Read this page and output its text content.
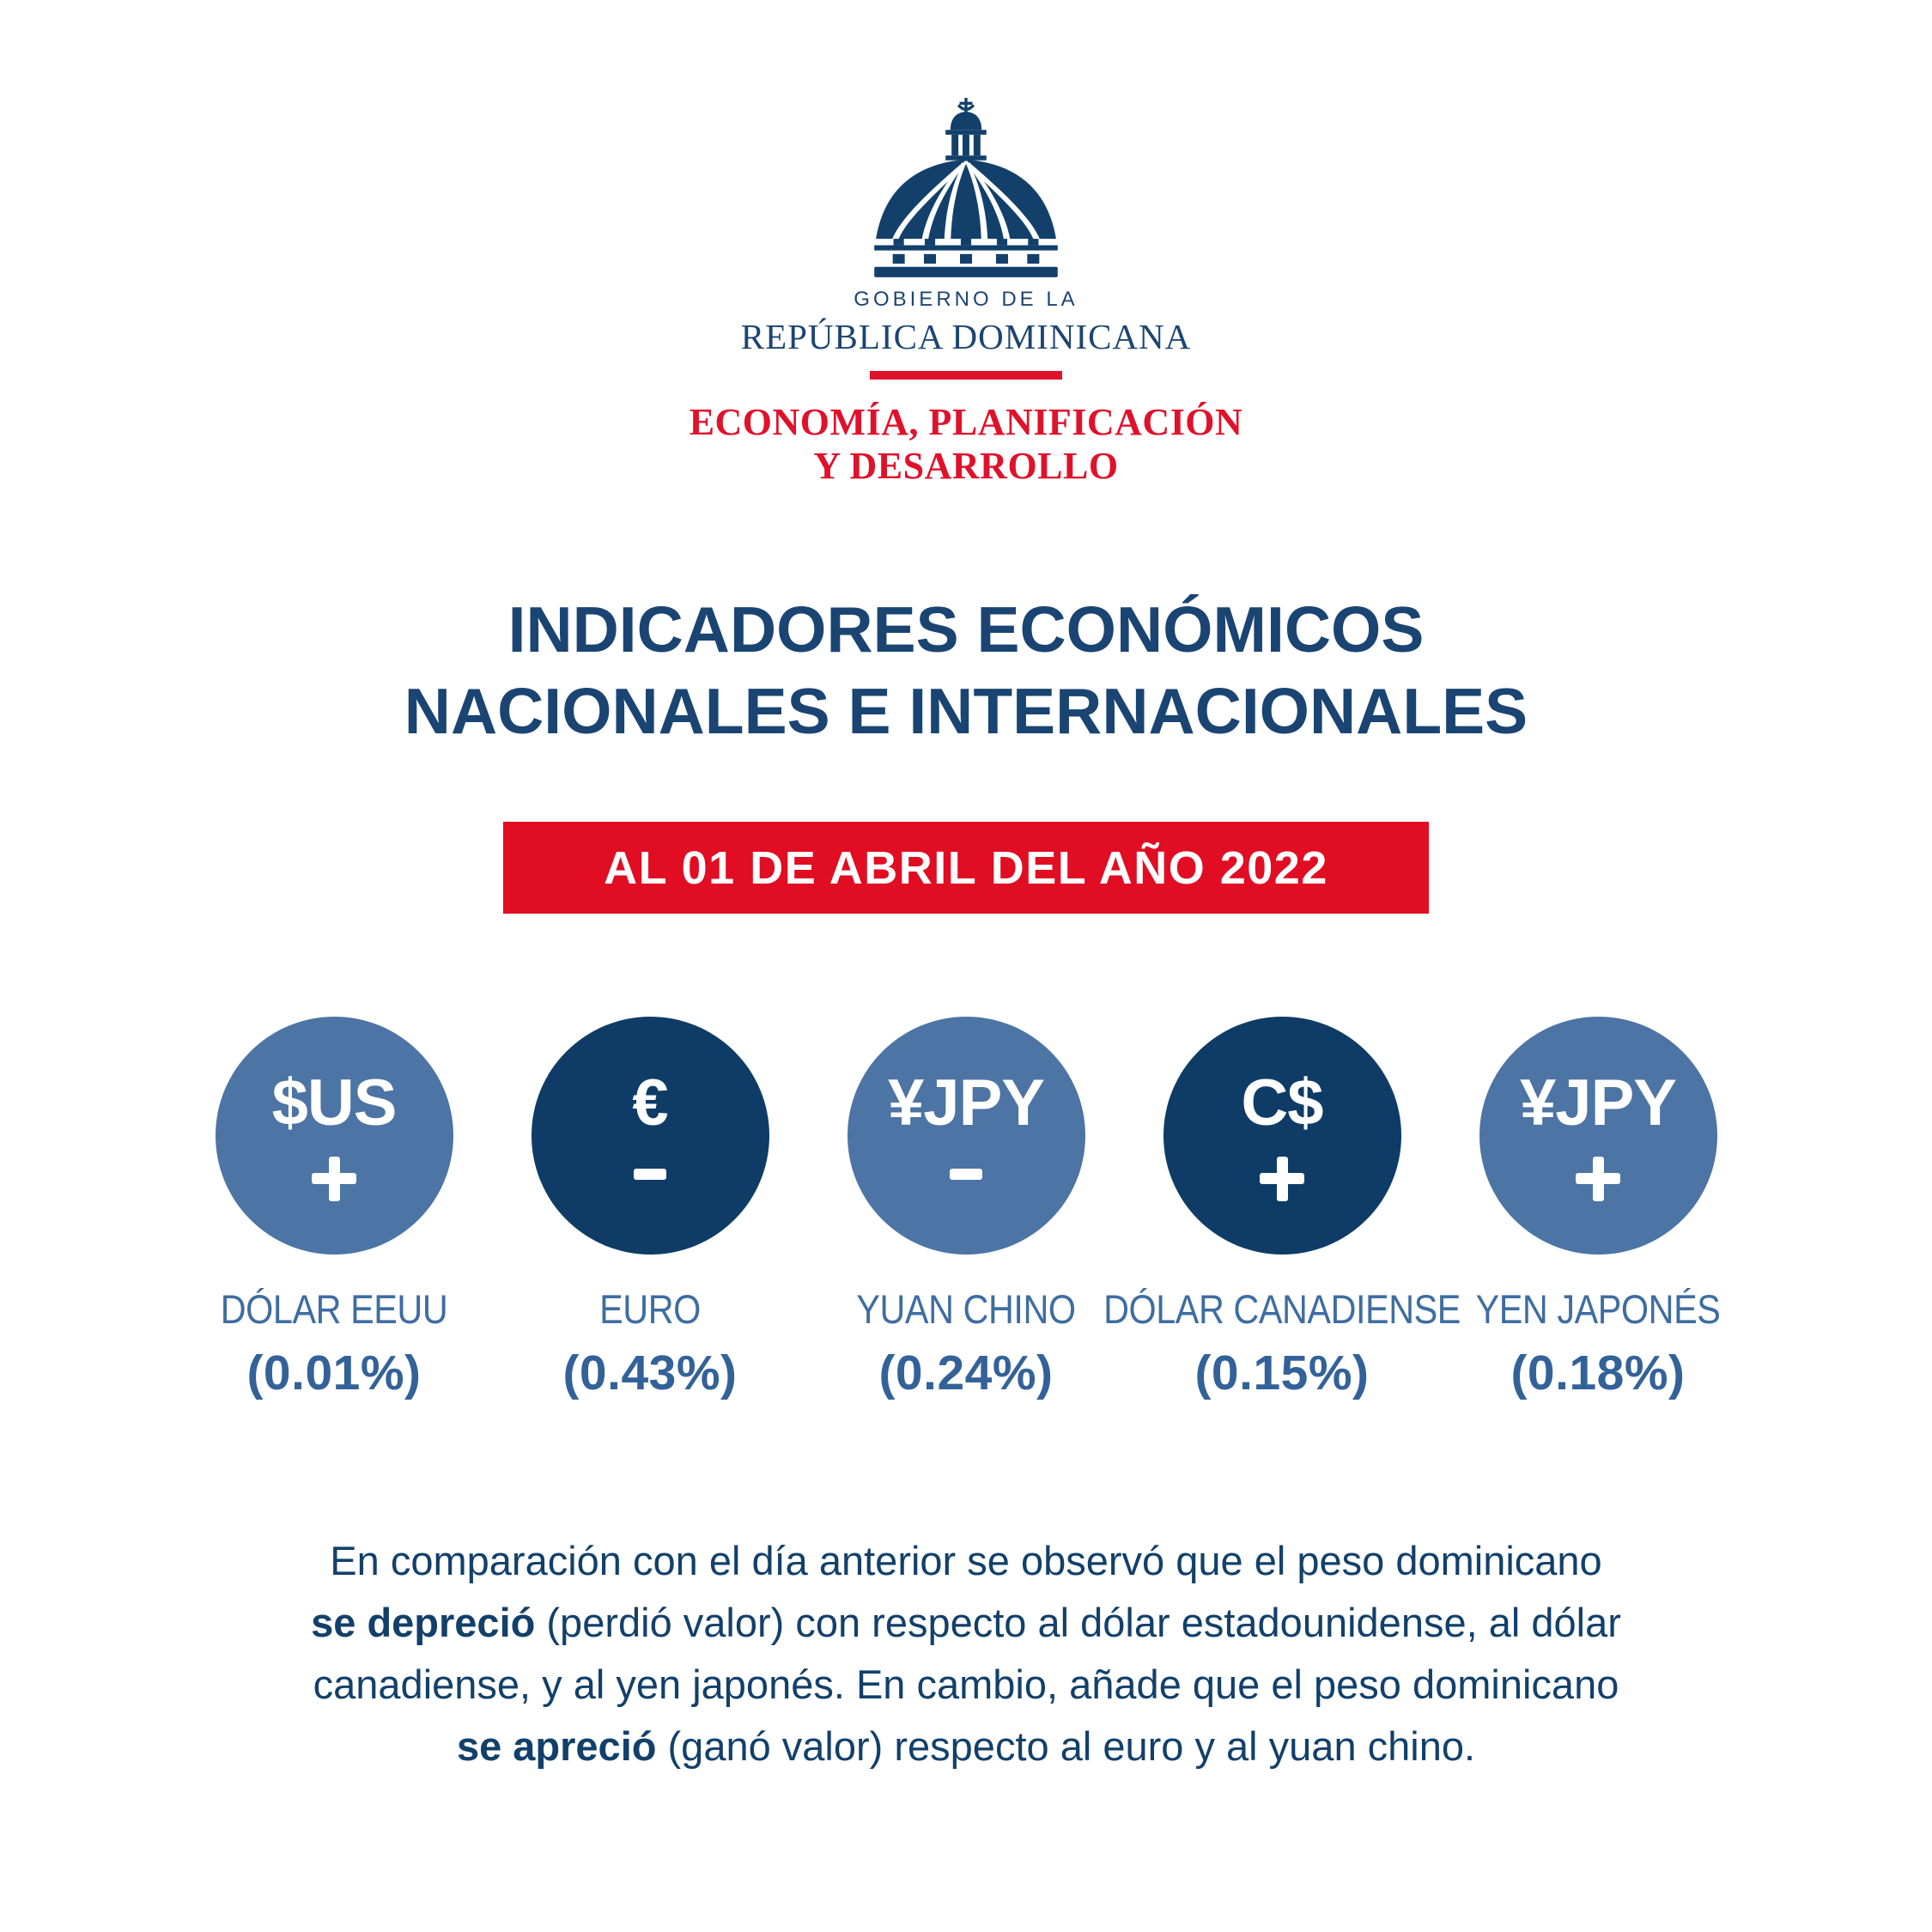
GOBIERNO DE LA
REPÚBLICA DOMINICANA
ECONOMÍA, PLANIFICACIÓN
Y DESARROLLO
INDICADORES ECONÓMICOS
NACIONALES E INTERNACIONALES
AL 01 DE ABRIL DEL AÑO 2022
$US
DÓLAR EEUU
(0.01%)
€
EURO
(0.43%)
¥JPY
YUAN CHINO
(0.24%)
C$
DÓLAR CANADIENSE
(0.15%)
¥JPY
YEN JAPONÉS
(0.18%)
En comparación con el día anterior se observó que el peso dominicano
se depreció (perdió valor) con respecto al dólar estadounidense, al dólar
canadiense, y al yen japonés. En cambio, añade que el peso dominicano
se apreció (ganó valor) respecto al euro y al yuan chino.
